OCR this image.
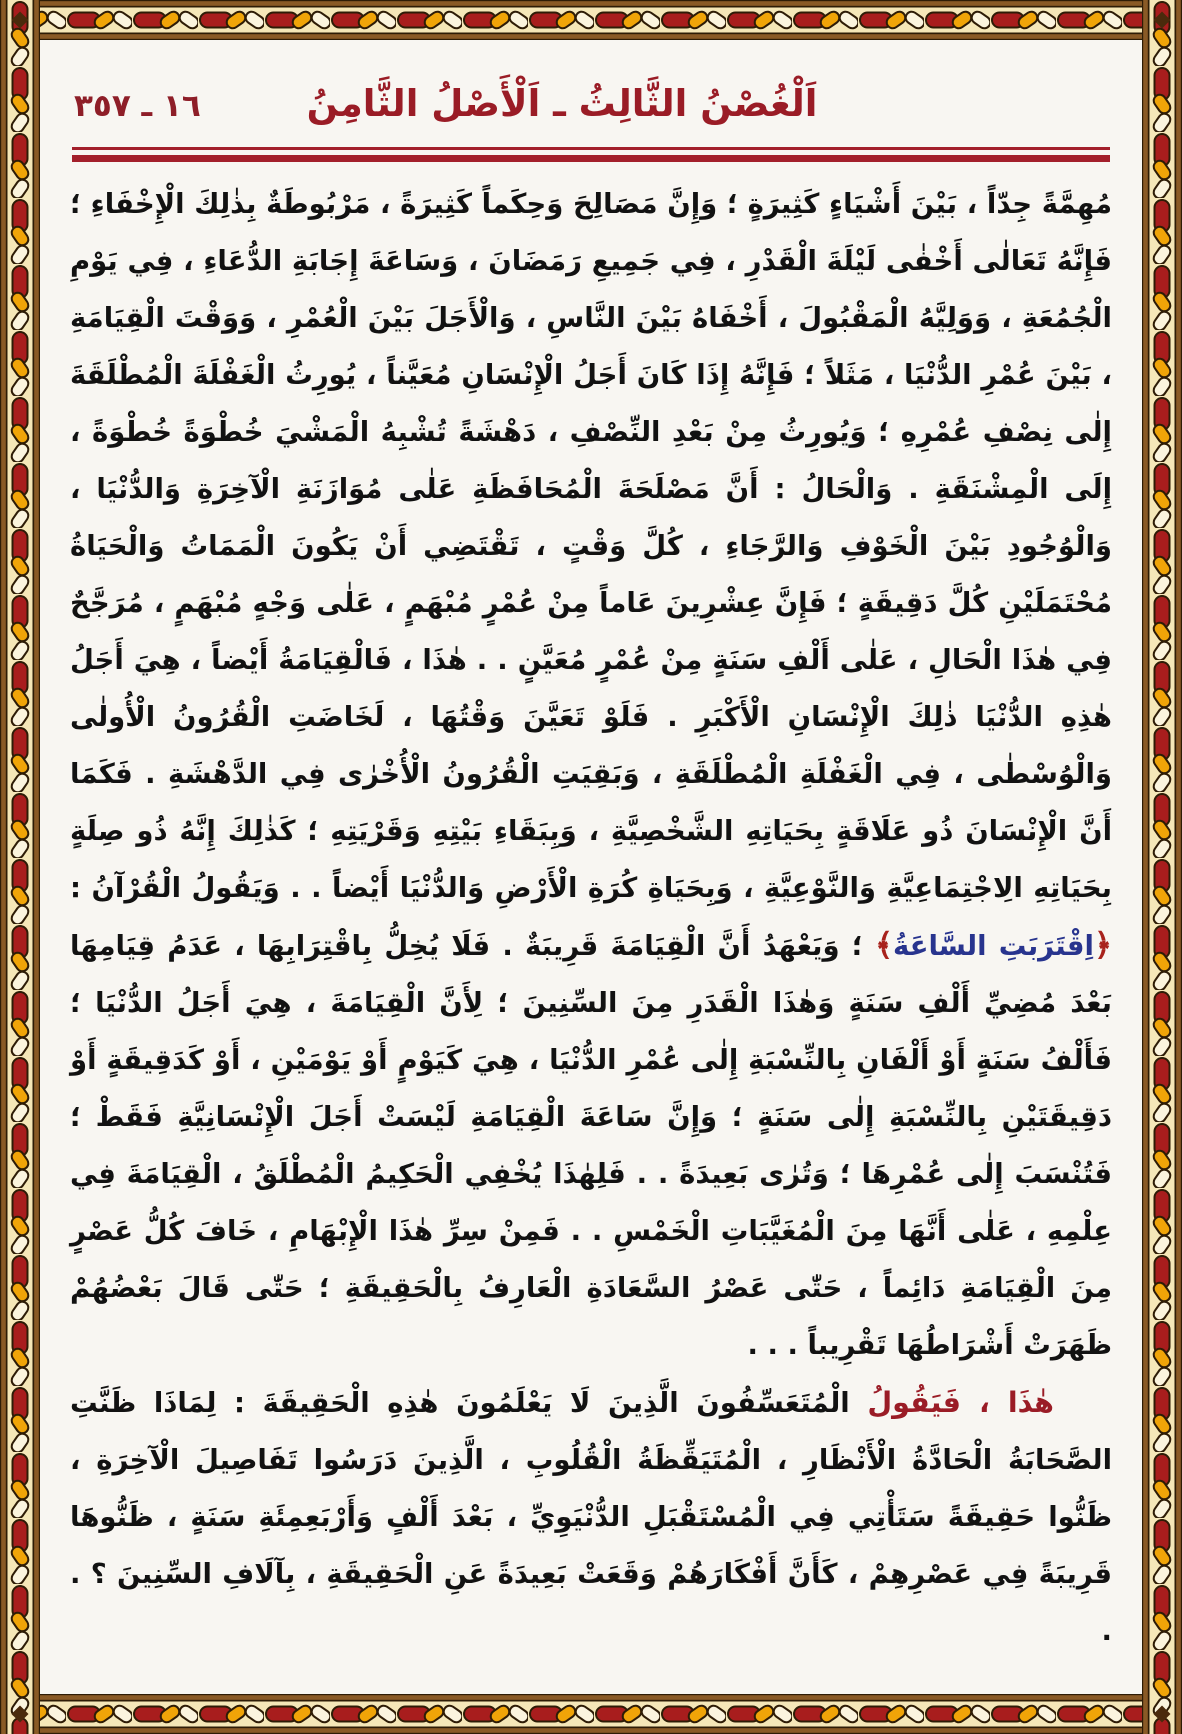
١٦ ـ ٣٥٧	اَلْغُصْنُ الثَّالِثُ ـ اَلْأَصْلُ الثَّامِنُ

مُهِمَّةً جِدّاً ، بَيْنَ أَشْيَاءٍ كَثِيرَةٍ ؛ وَإِنَّ مَصَالِحَ وَحِكَماً كَثِيرَةً ، مَرْبُوطَةٌ بِذٰلِكَ الْإِخْفَاءِ ؛ فَإِنَّهُ تَعَالٰى أَخْفٰى لَيْلَةَ الْقَدْرِ ، فِي جَمِيعِ رَمَضَانَ ، وَسَاعَةَ إِجَابَةِ الدُّعَاءِ ، فِي يَوْمِ الْجُمُعَةِ ، وَوَلِيَّهُ الْمَقْبُولَ ، أَخْفَاهُ بَيْنَ النَّاسِ ، وَالْأَجَلَ بَيْنَ الْعُمْرِ ، وَوَقْتَ الْقِيَامَةِ ، بَيْنَ عُمْرِ الدُّنْيَا ، مَثَلاً ؛ فَإِنَّهُ إِذَا كَانَ أَجَلُ الْإِنْسَانِ مُعَيَّناً ، يُورِثُ الْغَفْلَةَ الْمُطْلَقَةَ إِلٰى نِصْفِ عُمْرِهِ ؛ وَيُورِثُ مِنْ بَعْدِ النِّصْفِ ، دَهْشَةً تُشْبِهُ الْمَشْيَ خُطْوَةً خُطْوَةً ، إِلَى الْمِشْنَقَةِ . وَالْحَالُ : أَنَّ مَصْلَحَةَ الْمُحَافَظَةِ عَلٰى مُوَازَنَةِ الْآخِرَةِ وَالدُّنْيَا ، وَالْوُجُودِ بَيْنَ الْخَوْفِ وَالرَّجَاءِ ، كُلَّ وَقْتٍ ، تَقْتَضِي أَنْ يَكُونَ الْمَمَاتُ وَالْحَيَاةُ مُحْتَمَلَيْنِ كُلَّ دَقِيقَةٍ ؛ فَإِنَّ عِشْرِينَ عَاماً مِنْ عُمْرٍ مُبْهَمٍ ، عَلٰى وَجْهٍ مُبْهَمٍ ، مُرَجَّحٌ فِي هٰذَا الْحَالِ ، عَلٰى أَلْفِ سَنَةٍ مِنْ عُمْرٍ مُعَيَّنٍ . . هٰذَا ، فَالْقِيَامَةُ أَيْضاً ، هِيَ أَجَلُ هٰذِهِ الدُّنْيَا ذٰلِكَ الْإِنْسَانِ الْأَكْبَرِ . فَلَوْ تَعَيَّنَ وَقْتُهَا ، لَخَاضَتِ الْقُرُونُ الْأُولٰى وَالْوُسْطٰى ، فِي الْغَفْلَةِ الْمُطْلَقَةِ ، وَبَقِيَتِ الْقُرُونُ الْأُخْرٰى فِي الدَّهْشَةِ . فَكَمَا أَنَّ الْإِنْسَانَ ذُو عَلَاقَةٍ بِحَيَاتِهِ الشَّخْصِيَّةِ ، وَبِبَقَاءِ بَيْتِهِ وَقَرْيَتِهِ ؛ كَذٰلِكَ إِنَّهُ ذُو صِلَةٍ بِحَيَاتِهِ الِاجْتِمَاعِيَّةِ وَالنَّوْعِيَّةِ ، وَبِحَيَاةِ كُرَةِ الْأَرْضِ وَالدُّنْيَا أَيْضاً . . وَيَقُولُ الْقُرْآنُ : ﴿اِقْتَرَبَتِ السَّاعَةُ﴾ ؛ وَيَعْهَدُ أَنَّ الْقِيَامَةَ قَرِيبَةٌ . فَلَا يُخِلُّ بِاقْتِرَابِهَا ، عَدَمُ قِيَامِهَا بَعْدَ مُضِيِّ أَلْفِ سَنَةٍ وَهٰذَا الْقَدَرِ مِنَ السِّنِينَ ؛ لِأَنَّ الْقِيَامَةَ ، هِيَ أَجَلُ الدُّنْيَا ؛ فَأَلْفُ سَنَةٍ أَوْ أَلْفَانِ بِالنِّسْبَةِ إِلٰى عُمْرِ الدُّنْيَا ، هِيَ كَيَوْمٍ أَوْ يَوْمَيْنِ ، أَوْ كَدَقِيقَةٍ أَوْ دَقِيقَتَيْنِ بِالنِّسْبَةِ إِلٰى سَنَةٍ ؛ وَإِنَّ سَاعَةَ الْقِيَامَةِ لَيْسَتْ أَجَلَ الْإِنْسَانِيَّةِ فَقَطْ ؛ فَتُنْسَبَ إِلٰى عُمْرِهَا ؛ وَتُرٰى بَعِيدَةً . . فَلِهٰذَا يُخْفِي الْحَكِيمُ الْمُطْلَقُ ، الْقِيَامَةَ فِي عِلْمِهِ ، عَلٰى أَنَّهَا مِنَ الْمُغَيَّبَاتِ الْخَمْسِ . . فَمِنْ سِرِّ هٰذَا الْإِبْهَامِ ، خَافَ كُلُّ عَصْرٍ مِنَ الْقِيَامَةِ دَائِماً ، حَتّٰى عَصْرُ السَّعَادَةِ الْعَارِفُ بِالْحَقِيقَةِ ؛ حَتّٰى قَالَ بَعْضُهُمْ ظَهَرَتْ أَشْرَاطُهَا تَقْرِيباً . . .

هٰذَا ، فَيَقُولُ الْمُتَعَسِّفُونَ الَّذِينَ لَا يَعْلَمُونَ هٰذِهِ الْحَقِيقَةَ : لِمَاذَا ظَنَّتِ الصَّحَابَةُ الْحَادَّةُ الْأَنْظَارِ ، الْمُتَيَقِّظَةُ الْقُلُوبِ ، الَّذِينَ دَرَسُوا تَفَاصِيلَ الْآخِرَةِ ، ظَنُّوا حَقِيقَةً سَتَأْتِي فِي الْمُسْتَقْبَلِ الدُّنْيَوِيِّ ، بَعْدَ أَلْفٍ وَأَرْبَعِمِئَةِ سَنَةٍ ، ظَنُّوهَا قَرِيبَةً فِي عَصْرِهِمْ ، كَأَنَّ أَفْكَارَهُمْ وَقَعَتْ بَعِيدَةً عَنِ الْحَقِيقَةِ ، بِآلَافِ السِّنِينَ ؟ . .
